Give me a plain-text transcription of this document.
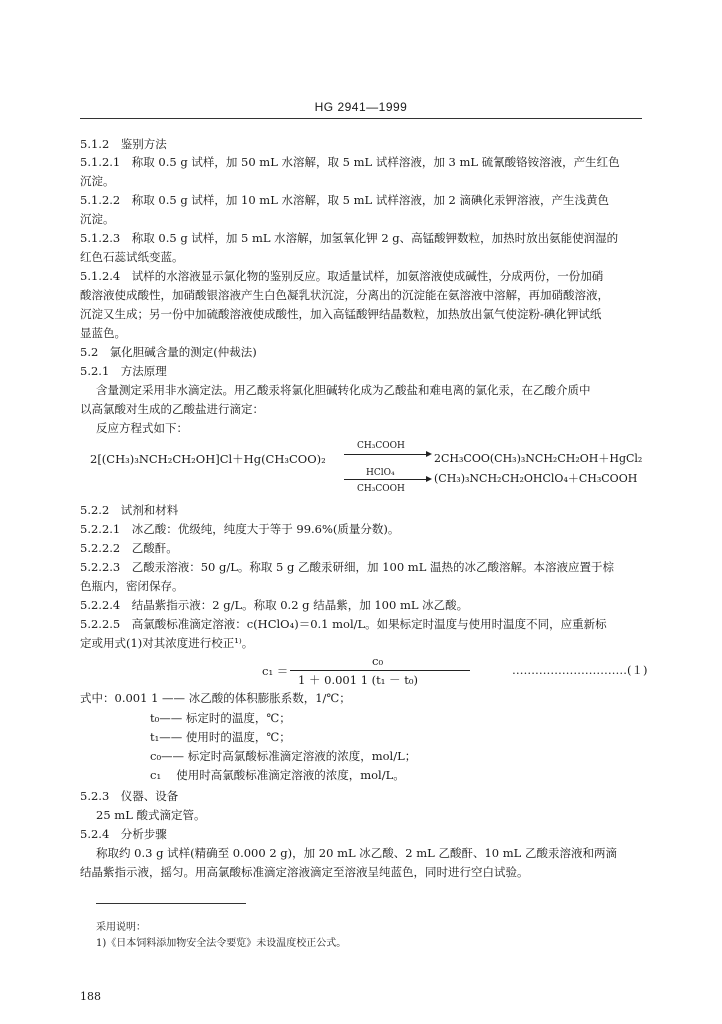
HG 2941—1999
5.1.2　鉴别方法
5.1.2.1　称取 0.5 g 试样，加 50 mL 水溶解，取 5 mL 试样溶液，加 3 mL 硫氰酸铬铵溶液，产生红色
沉淀。
5.1.2.2　称取 0.5 g 试样，加 10 mL 水溶解，取 5 mL 试样溶液，加 2 滴碘化汞钾溶液，产生浅黄色
沉淀。
5.1.2.3　称取 0.5 g 试样，加 5 mL 水溶解，加氢氧化钾 2 g、高锰酸钾数粒，加热时放出氨能使润湿的
红色石蕊试纸变蓝。
5.1.2.4　试样的水溶液显示氯化物的鉴别反应。取适量试样，加氨溶液使成碱性，分成两份，一份加硝
酸溶液使成酸性，加硝酸银溶液产生白色凝乳状沉淀，分离出的沉淀能在氨溶液中溶解，再加硝酸溶液，
沉淀又生成；另一份中加硫酸溶液使成酸性，加入高锰酸钾结晶数粒，加热放出氯气使淀粉-碘化钾试纸
显蓝色。
5.2　氯化胆碱含量的测定(仲裁法)
5.2.1　方法原理
含量测定采用非水滴定法。用乙酸汞将氯化胆碱转化成为乙酸盐和难电离的氯化汞，在乙酸介质中
以高氯酸对生成的乙酸盐进行滴定：
反应方程式如下：
2[(CH₃)₃NCH₂CH₂OH]Cl＋Hg(CH₃COO)₂
CH₃COOH
2CH₃COO(CH₃)₃NCH₂CH₂OH＋HgCl₂
HClO₄
CH₃COOH
(CH₃)₃NCH₂CH₂OHClO₄＋CH₃COOH
5.2.2　试剂和材料
5.2.2.1　冰乙酸：优级纯，纯度大于等于 99.6%(质量分数)。
5.2.2.2　乙酸酐。
5.2.2.3　乙酸汞溶液：50 g/L。称取 5 g 乙酸汞研细，加 100 mL 温热的冰乙酸溶解。本溶液应置于棕
色瓶内，密闭保存。
5.2.2.4　结晶紫指示液：2 g/L。称取 0.2 g 结晶紫，加 100 mL 冰乙酸。
5.2.2.5　高氯酸标准滴定溶液：c(HClO₄)＝0.1 mol/L。如果标定时温度与使用时温度不同，应重新标
定或用式(1)对其浓度进行校正¹⁾。
c₁ ＝
c₀
1 ＋ 0.001 1 (t₁ － t₀)
…………………………(１)
式中：0.001 1 —— 冰乙酸的体积膨胀系数，1/℃；
t₀—— 标定时的温度，℃；
t₁—— 使用时的温度，℃；
c₀—— 标定时高氯酸标准滴定溶液的浓度，mol/L；
c₁　 使用时高氯酸标准滴定溶液的浓度，mol/L。
5.2.3　仪器、设备
25 mL 酸式滴定管。
5.2.4　分析步骤
称取约 0.3 g 试样(精确至 0.000 2 g)，加 20 mL 冰乙酸、2 mL 乙酸酐、10 mL 乙酸汞溶液和两滴
结晶紫指示液，摇匀。用高氯酸标准滴定溶液滴定至溶液呈纯蓝色，同时进行空白试验。
采用说明：
1)《日本饲料添加物安全法令要览》未设温度校正公式。
188
